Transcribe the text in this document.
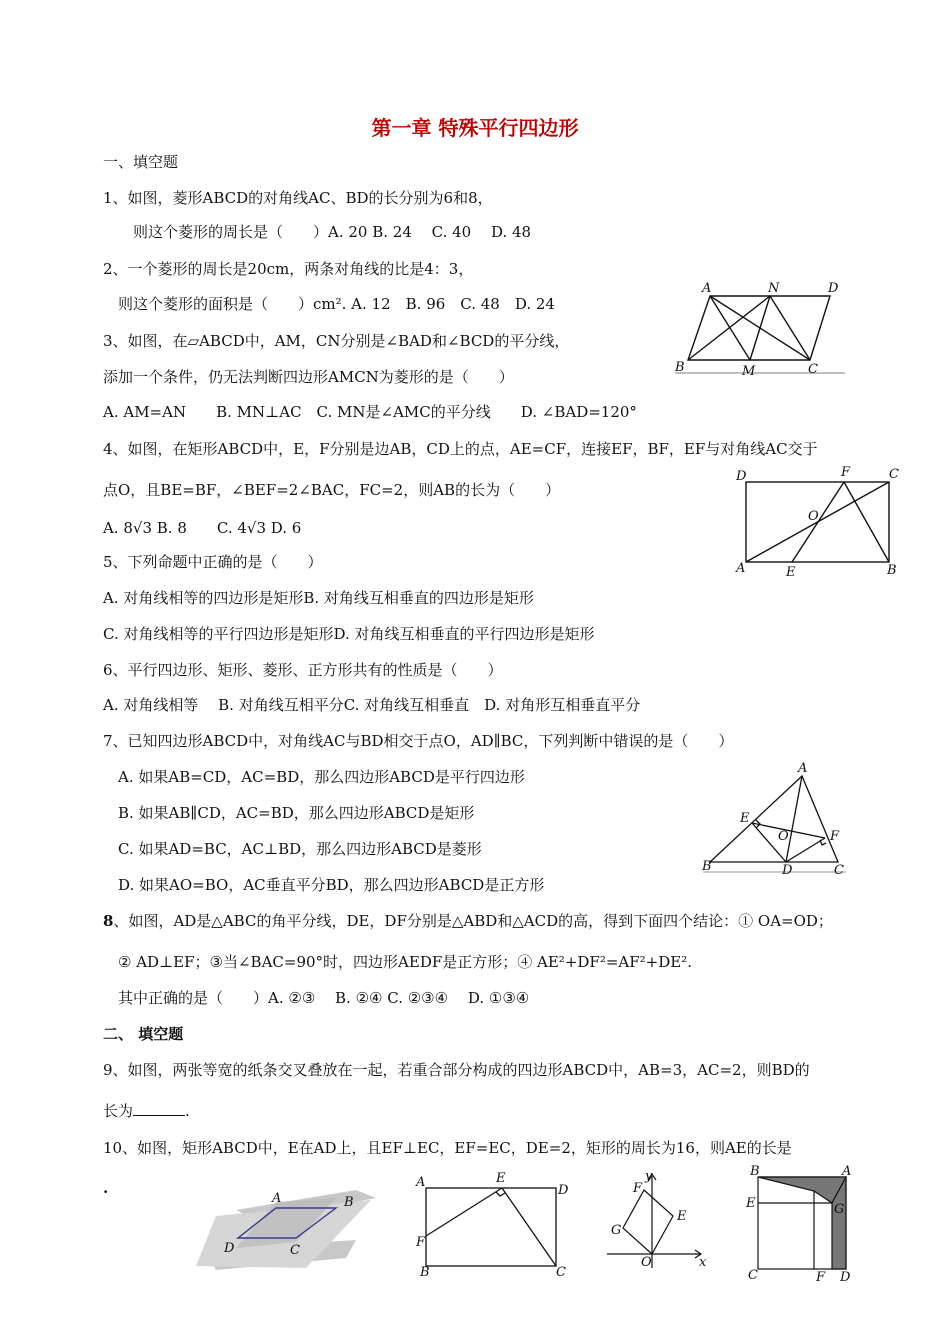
第一章 特殊平行四边形
一、填空题
1、如图，菱形ABCD的对角线AC、BD的长分别为6和8，
则这个菱形的周长是（　　）A. 20 B. 24　 C. 40　 D. 48
2、一个菱形的周长是20cm，两条对角线的比是4：3，
则这个菱形的面积是（　　）cm². A. 12　B. 96　C. 48　D. 24
3、如图，在▱ABCD中，AM，CN分别是∠BAD和∠BCD的平分线，
添加一个条件，仍无法判断四边形AMCN为菱形的是（　　）
A. AM=AN　　B. MN⊥AC　C. MN是∠AMC的平分线　　D. ∠BAD=120°
4、如图，在矩形ABCD中，E，F分别是边AB，CD上的点，AE=CF，连接EF，BF，EF与对角线AC交于
点O，且BE=BF，∠BEF=2∠BAC，FC=2，则AB的长为（　　）
A. 8√3 B. 8　　C. 4√3 D. 6
5、下列命题中正确的是（　　）
A. 对角线相等的四边形是矩形B. 对角线互相垂直的四边形是矩形
C. 对角线相等的平行四边形是矩形D. 对角线互相垂直的平行四边形是矩形
6、平行四边形、矩形、菱形、正方形共有的性质是（　　）
A. 对角线相等　 B. 对角线互相平分C. 对角线互相垂直　D. 对角形互相垂直平分
7、已知四边形ABCD中，对角线AC与BD相交于点O，AD∥BC，下列判断中错误的是（　　）
A. 如果AB=CD，AC=BD，那么四边形ABCD是平行四边形
B. 如果AB∥CD，AC=BD，那么四边形ABCD是矩形
C. 如果AD=BC，AC⊥BD，那么四边形ABCD是菱形
D. 如果AO=BO，AC垂直平分BD，那么四边形ABCD是正方形
8、如图，AD是△ABC的角平分线，DE，DF分别是△ABD和△ACD的高，得到下面四个结论：① OA=OD；
② AD⊥EF；③当∠BAC=90°时，四边形AEDF是正方形；④ AE²+DF²=AF²+DE².
其中正确的是（　　）A. ②③　 B. ②④ C. ②③④　 D. ①③④
二、 填空题
9、如图，两张等宽的纸条交叉叠放在一起，若重合部分构成的四边形ABCD中，AB=3，AC=2，则BD的
长为	.
10、如图，矩形ABCD中，E在AD上，且EF⊥EC，EF=EC，DE=2，矩形的周长为16，则AE的长是
.
A	N	D
B	M	C
D	F	C
O
A	E	B
A
E
O	F
B	D	C
A	B
D	C
A	E
D
F
B	C
y
F
E
G
O	x
B	A
E	G
C	F D
